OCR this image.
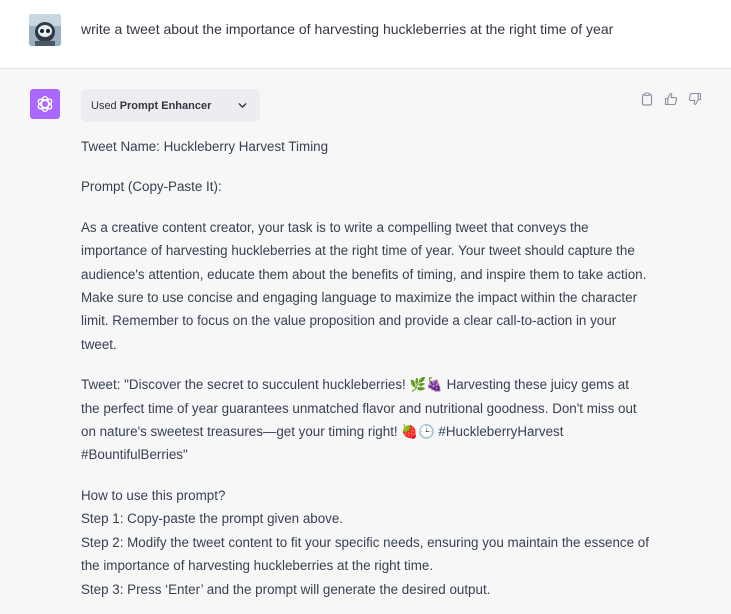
write a tweet about the importance of harvesting huckleberries at the right time of year
Used Prompt Enhancer

Tweet Name: Huckleberry Harvest Timing

Prompt (Copy-Paste It):

As a creative content creator, your task is to write a compelling tweet that conveys the importance of harvesting huckleberries at the right time of year. Your tweet should capture the audience's attention, educate them about the benefits of timing, and inspire them to take action. Make sure to use concise and engaging language to maximize the impact within the character limit. Remember to focus on the value proposition and provide a clear call-to-action in your tweet.

Tweet: "Discover the secret to succulent huckleberries! 🌿🍇 Harvesting these juicy gems at the perfect time of year guarantees unmatched flavor and nutritional goodness. Don't miss out on nature's sweetest treasures—get your timing right! 🍓🕒 #HuckleberryHarvest #BountifulBerries"

How to use this prompt?
Step 1: Copy-paste the prompt given above.
Step 2: Modify the tweet content to fit your specific needs, ensuring you maintain the essence of the importance of harvesting huckleberries at the right time.
Step 3: Press ‘Enter’ and the prompt will generate the desired output.
